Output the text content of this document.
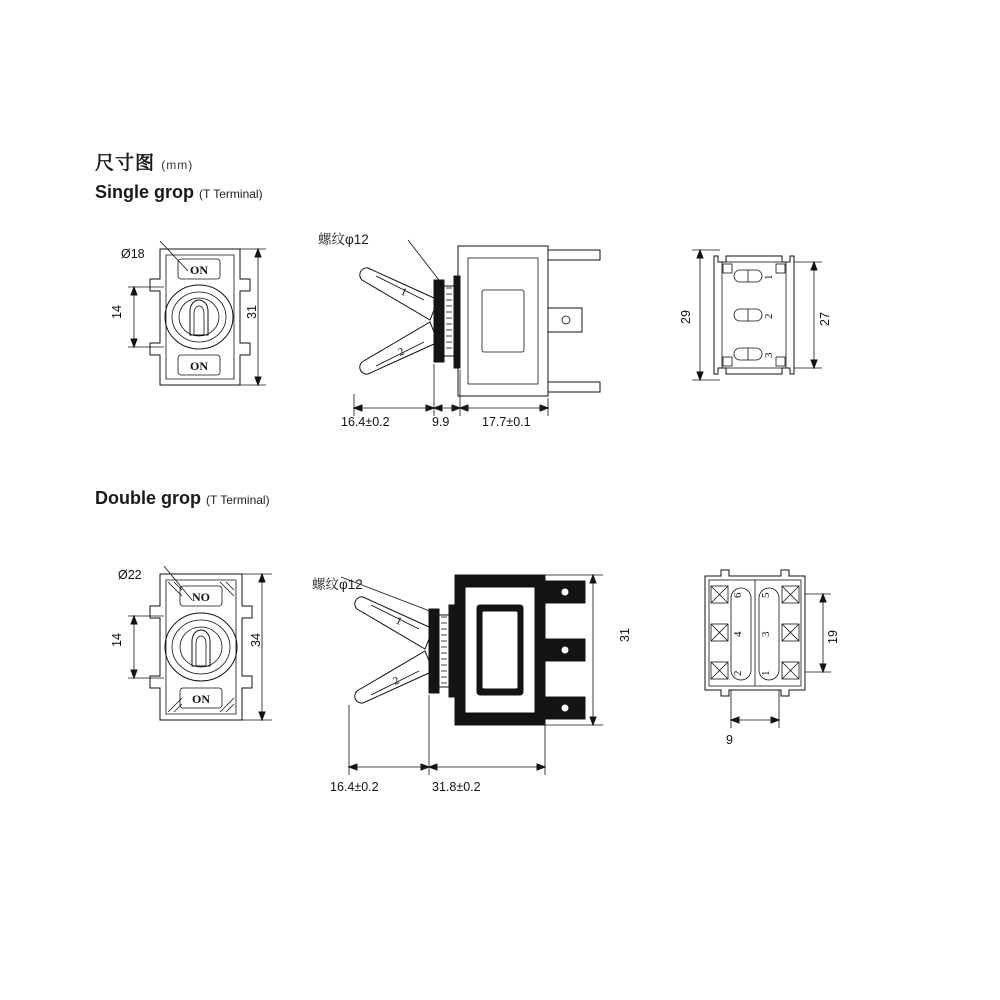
尺寸图 (mm)
Single grop (T Terminal)
ON
ON
Ø18
14	31
1
2
螺纹φ12
16.4±0.2	9.9	17.7±0.1
1
2
3
29	27
Double grop (T Terminal)
NO
ON
Ø22
14	34
1
2
螺纹φ12
16.4±0.2	31.8±0.2
31
6 5
4 3
2 1
19
9
